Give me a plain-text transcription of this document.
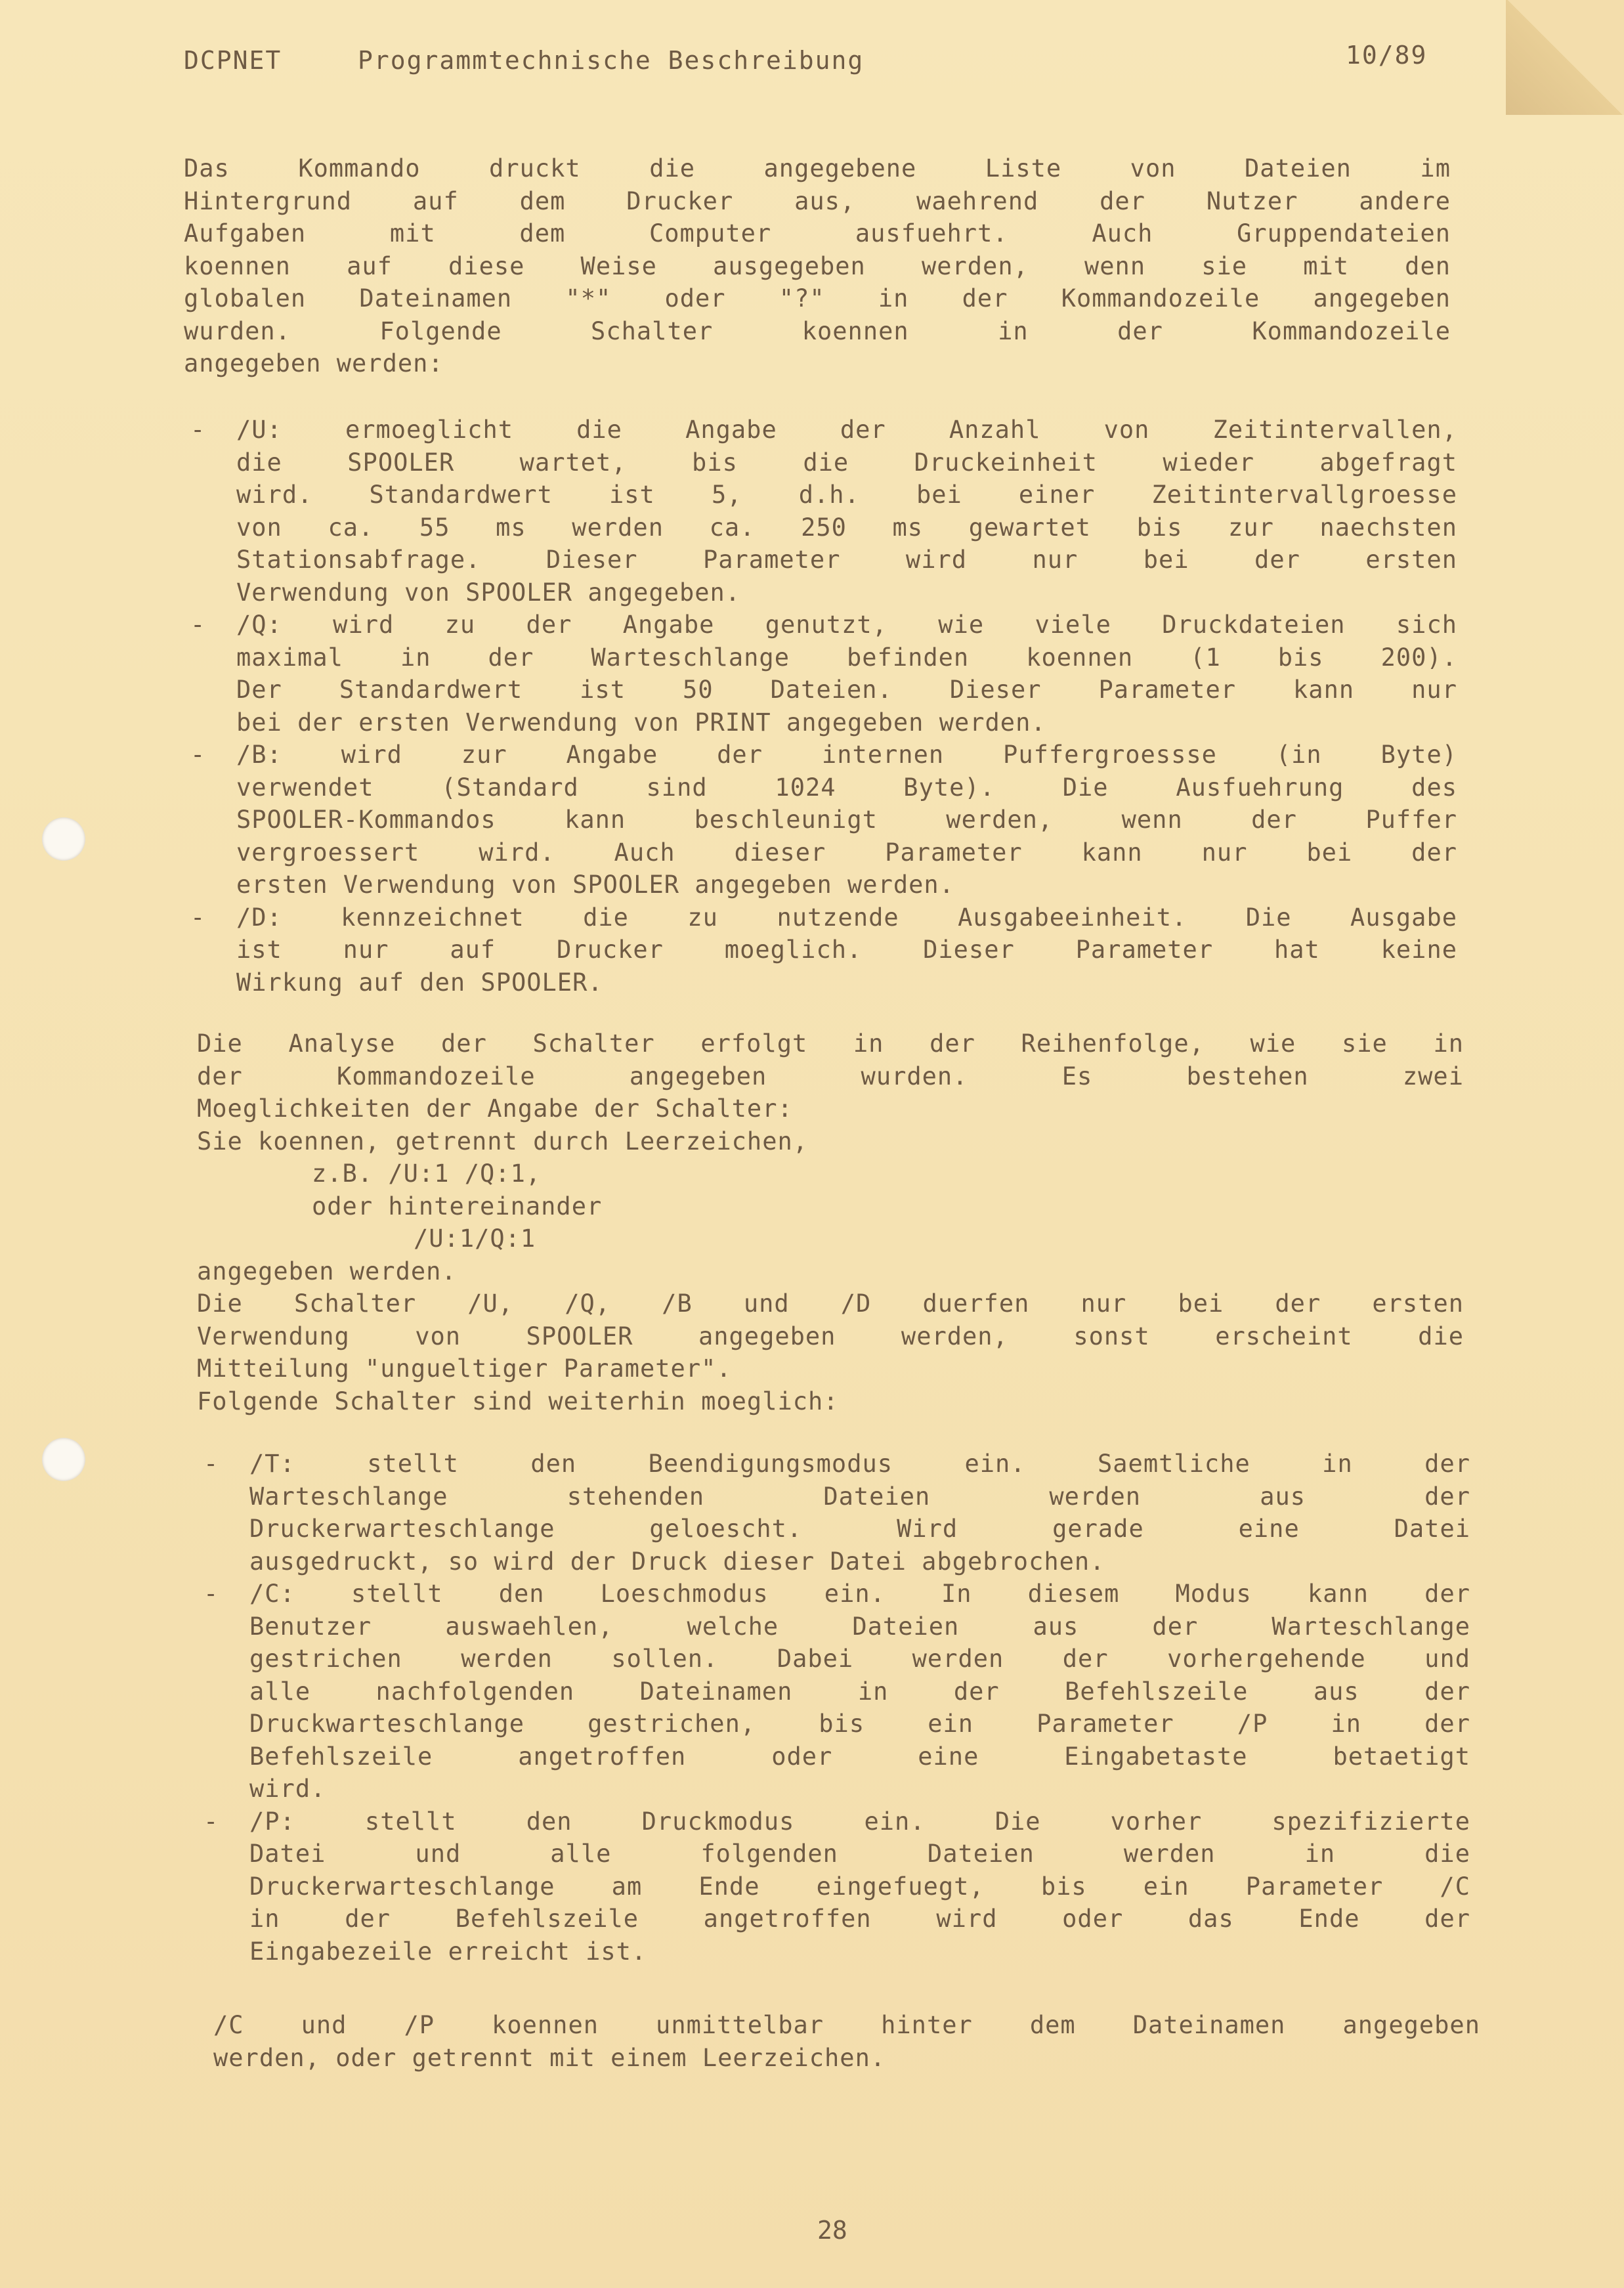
DCPNET	Programmtechnische Beschreibung	10/89
Das Kommando druckt die angegebene Liste von Dateien im
Hintergrund auf dem Drucker aus, waehrend der Nutzer andere
Aufgaben mit dem Computer ausfuehrt. Auch Gruppendateien
koennen auf diese Weise ausgegeben werden, wenn sie mit den
globalen Dateinamen "*" oder "?" in der Kommandozeile angegeben
wurden. Folgende Schalter koennen in der Kommandozeile
angegeben werden:
-	/U: ermoeglicht die Angabe der Anzahl von Zeitintervallen,
die SPOOLER wartet, bis die Druckeinheit wieder abgefragt
wird. Standardwert ist 5, d.h. bei einer Zeitintervallgroesse
von ca. 55 ms werden ca. 250 ms gewartet bis zur naechsten
Stationsabfrage. Dieser Parameter wird nur bei der ersten
Verwendung von SPOOLER angegeben.
-	/Q: wird zu der Angabe genutzt, wie viele Druckdateien sich
maximal in der Warteschlange befinden koennen (1 bis 200).
Der Standardwert ist 50 Dateien. Dieser Parameter kann nur
bei der ersten Verwendung von PRINT angegeben werden.
-	/B: wird zur Angabe der internen Puffergroessse (in Byte)
verwendet (Standard sind 1024 Byte). Die Ausfuehrung des
SPOOLER-Kommandos kann beschleunigt werden, wenn der Puffer
vergroessert wird. Auch dieser Parameter kann nur bei der
ersten Verwendung von SPOOLER angegeben werden.
-	/D: kennzeichnet die zu nutzende Ausgabeeinheit. Die Ausgabe
ist nur auf Drucker moeglich. Dieser Parameter hat keine
Wirkung auf den SPOOLER.
Die Analyse der Schalter erfolgt in der Reihenfolge, wie sie in
der Kommandozeile angegeben wurden. Es bestehen zwei
Moeglichkeiten der Angabe der Schalter:
Sie koennen, getrennt durch Leerzeichen,
z.B. /U:1 /Q:1,
oder hintereinander
/U:1/Q:1
angegeben werden.
Die Schalter /U, /Q, /B und /D duerfen nur bei der ersten
Verwendung von SPOOLER angegeben werden, sonst erscheint die
Mitteilung "ungueltiger Parameter".
Folgende Schalter sind weiterhin moeglich:
-	/T: stellt den Beendigungsmodus ein. Saemtliche in der
Warteschlange stehenden Dateien werden aus der
Druckerwarteschlange geloescht. Wird gerade eine Datei
ausgedruckt, so wird der Druck dieser Datei abgebrochen.
-	/C: stellt den Loeschmodus ein. In diesem Modus kann der
Benutzer auswaehlen, welche Dateien aus der Warteschlange
gestrichen werden sollen. Dabei werden der vorhergehende und
alle nachfolgenden Dateinamen in der Befehlszeile aus der
Druckwarteschlange gestrichen, bis ein Parameter /P in der
Befehlszeile angetroffen oder eine Eingabetaste betaetigt
wird.
-	/P: stellt den Druckmodus ein. Die vorher spezifizierte
Datei und alle folgenden Dateien werden in die
Druckerwarteschlange am Ende eingefuegt, bis ein Parameter /C
in der Befehlszeile angetroffen wird oder das Ende der
Eingabezeile erreicht ist.
/C und /P koennen unmittelbar hinter dem Dateinamen angegeben
werden, oder getrennt mit einem Leerzeichen.
28
